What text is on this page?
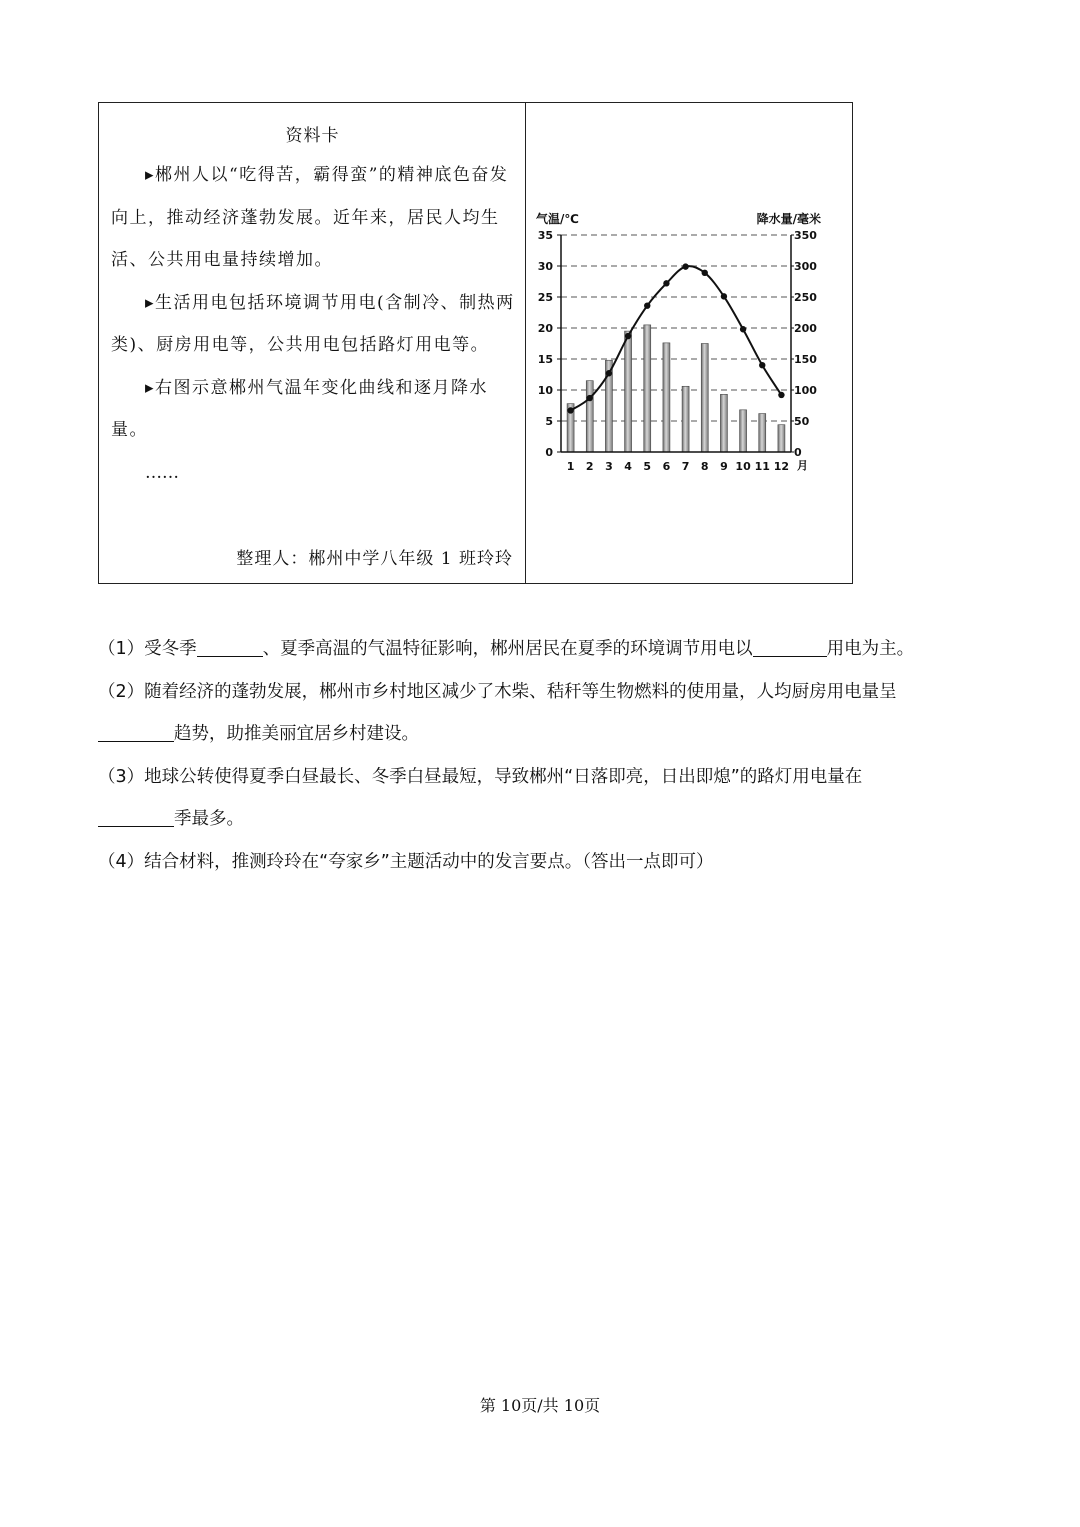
资料卡

▸郴州人以“吃得苦，霸得蛮”的精神底色奋发向上，推动经济蓬勃发展。近年来，居民人均生活、公共用电量持续增加。

▸生活用电包括环境调节用电(含制冷、制热两类)、厨房用电等，公共用电包括路灯用电等。

▸右图示意郴州气温年变化曲线和逐月降水量。

……

整理人：郴州中学八年级 1 班玲玲
0
5
10
15
20
25
30
35
0
50
100
150
200
250
300
350
1 2 3 4 5 6 7 8 9 10 11 12 月
气温/℃	降水量/毫米

（1）受冬季	、夏季高温的气温特征影响，郴州居民在夏季的环境调节用电以	用电为主。

（2）随着经济的蓬勃发展，郴州市乡村地区减少了木柴、秸秆等生物燃料的使用量，人均厨房用电量呈
趋势，助推美丽宜居乡村建设。

（3）地球公转使得夏季白昼最长、冬季白昼最短，导致郴州“日落即亮，日出即熄”的路灯用电量在
季最多。

（4）结合材料，推测玲玲在“夸家乡”主题活动中的发言要点。（答出一点即可）

第 10页/共 10页
